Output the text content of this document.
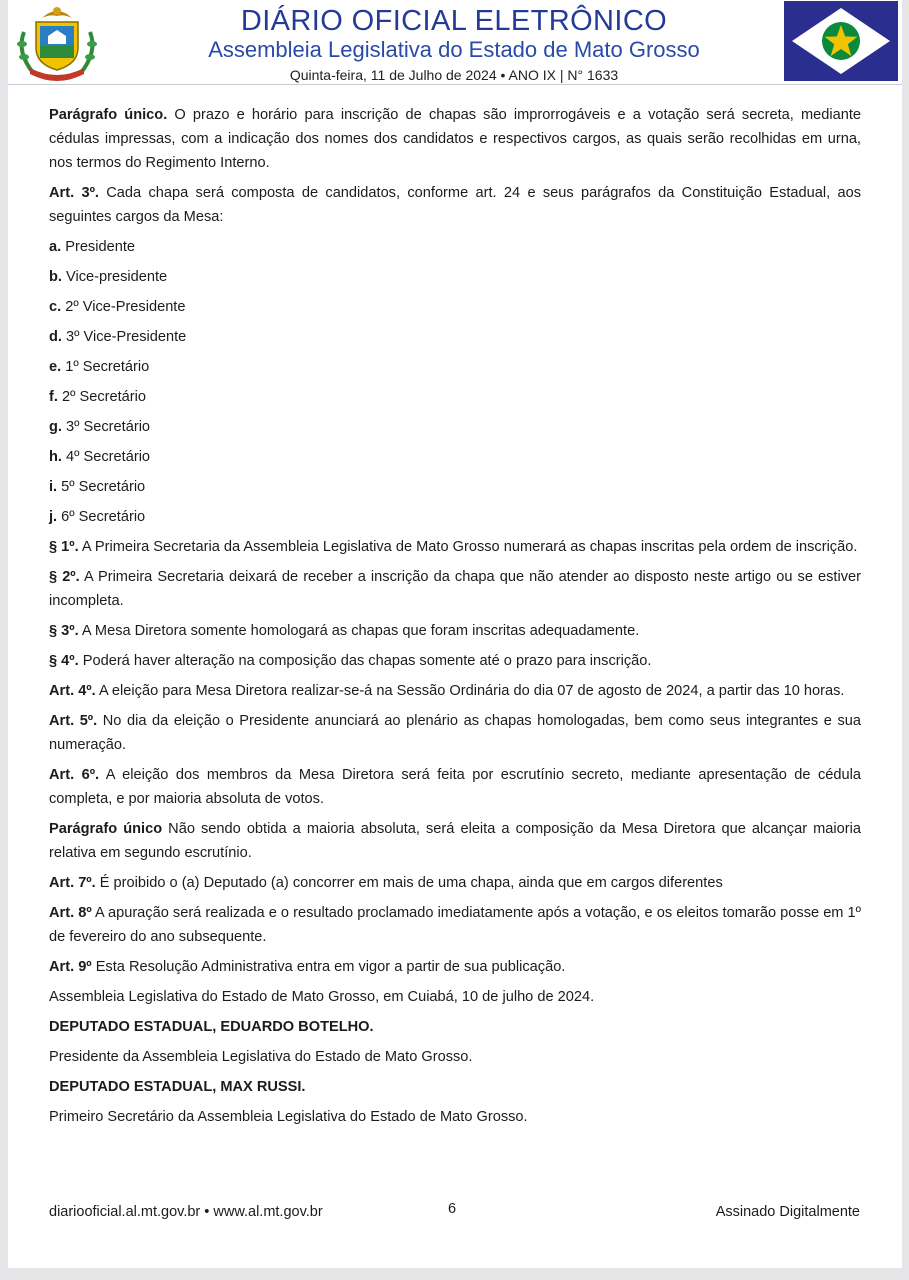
DIÁRIO OFICIAL ELETRÔNICO
Assembleia Legislativa do Estado de Mato Grosso
Quinta-feira, 11 de Julho de 2024 • ANO IX | N° 1633

Parágrafo único. O prazo e horário para inscrição de chapas são improrrogáveis e a votação será secreta, mediante cédulas impressas, com a indicação dos nomes dos candidatos e respectivos cargos, as quais serão recolhidas em urna, nos termos do Regimento Interno.

Art. 3º. Cada chapa será composta de candidatos, conforme art. 24 e seus parágrafos da Constituição Estadual, aos seguintes cargos da Mesa:

a. Presidente

b. Vice-presidente

c. 2º Vice-Presidente

d. 3º Vice-Presidente

e. 1º Secretário

f. 2º Secretário

g. 3º Secretário

h. 4º Secretário

i. 5º Secretário

j. 6º Secretário

§ 1º. A Primeira Secretaria da Assembleia Legislativa de Mato Grosso numerará as chapas inscritas pela ordem de inscrição.

§ 2º. A Primeira Secretaria deixará de receber a inscrição da chapa que não atender ao disposto neste artigo ou se estiver incompleta.

§ 3º. A Mesa Diretora somente homologará as chapas que foram inscritas adequadamente.

§ 4º. Poderá haver alteração na composição das chapas somente até o prazo para inscrição.

Art. 4º. A eleição para Mesa Diretora realizar-se-á na Sessão Ordinária do dia 07 de agosto de 2024, a partir das 10 horas.

Art. 5º. No dia da eleição o Presidente anunciará ao plenário as chapas homologadas, bem como seus integrantes e sua numeração.

Art. 6º. A eleição dos membros da Mesa Diretora será feita por escrutínio secreto, mediante apresentação de cédula completa, e por maioria absoluta de votos.

Parágrafo único Não sendo obtida a maioria absoluta, será eleita a composição da Mesa Diretora que alcançar maioria relativa em segundo escrutínio.

Art. 7º. É proibido o (a) Deputado (a) concorrer em mais de uma chapa, ainda que em cargos diferentes

Art. 8º A apuração será realizada e o resultado proclamado imediatamente após a votação, e os eleitos tomarão posse em 1º de fevereiro do ano subsequente.

Art. 9º Esta Resolução Administrativa entra em vigor a partir de sua publicação.

Assembleia Legislativa do Estado de Mato Grosso, em Cuiabá, 10 de julho de 2024.

DEPUTADO ESTADUAL, EDUARDO BOTELHO.

Presidente da Assembleia Legislativa do Estado de Mato Grosso.

DEPUTADO ESTADUAL, MAX RUSSI.

Primeiro Secretário da Assembleia Legislativa do Estado de Mato Grosso.

diariooficial.al.mt.gov.br • www.al.mt.gov.br	6	Assinado Digitalmente
